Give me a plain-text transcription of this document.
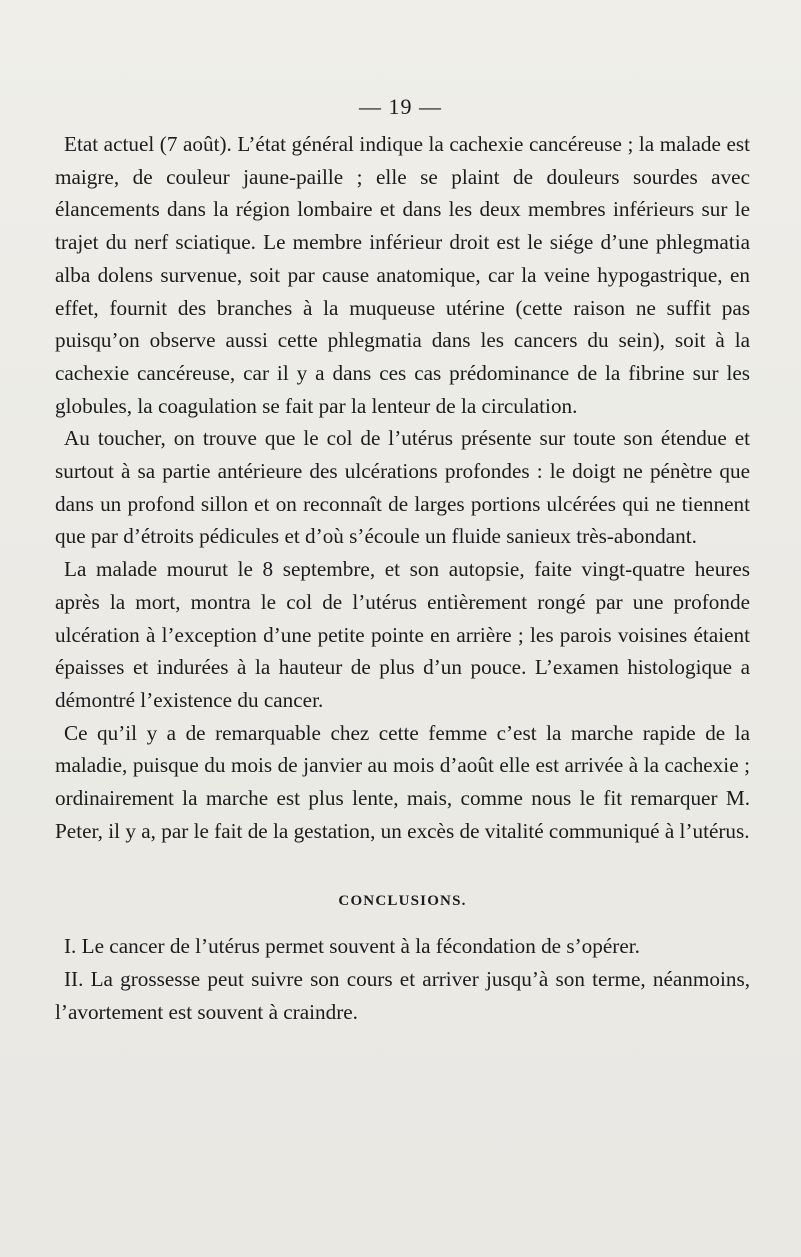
— 19 —

Etat actuel (7 août). L’état général indique la cachexie cancéreuse ; la malade est maigre, de couleur jaune-paille ; elle se plaint de douleurs sourdes avec élancements dans la région lombaire et dans les deux membres inférieurs sur le trajet du nerf sciatique. Le membre inférieur droit est le siége d’une phlegmatia alba dolens survenue, soit par cause anatomique, car la veine hypogastrique, en effet, fournit des branches à la muqueuse utérine (cette raison ne suffit pas puisqu’on observe aussi cette phlegmatia dans les cancers du sein), soit à la cachexie cancéreuse, car il y a dans ces cas prédominance de la fibrine sur les globules, la coagulation se fait par la lenteur de la circulation.

Au toucher, on trouve que le col de l’utérus présente sur toute son étendue et surtout à sa partie antérieure des ulcérations profondes : le doigt ne pénètre que dans un profond sillon et on reconnaît de larges portions ulcérées qui ne tiennent que par d’étroits pédicules et d’où s’écoule un fluide sanieux très-abondant.

La malade mourut le 8 septembre, et son autopsie, faite vingt-quatre heures après la mort, montra le col de l’utérus entièrement rongé par une profonde ulcération à l’exception d’une petite pointe en arrière ; les parois voisines étaient épaisses et indurées à la hauteur de plus d’un pouce. L’examen histologique a démontré l’existence du cancer.

Ce qu’il y a de remarquable chez cette femme c’est la marche rapide de la maladie, puisque du mois de janvier au mois d’août elle est arrivée à la cachexie ; ordinairement la marche est plus lente, mais, comme nous le fit remarquer M. Peter, il y a, par le fait de la gestation, un excès de vitalité communiqué à l’utérus.

CONCLUSIONS.

I. Le cancer de l’utérus permet souvent à la fécondation de s’opérer.

II. La grossesse peut suivre son cours et arriver jusqu’à son terme, néanmoins, l’avortement est souvent à craindre.
